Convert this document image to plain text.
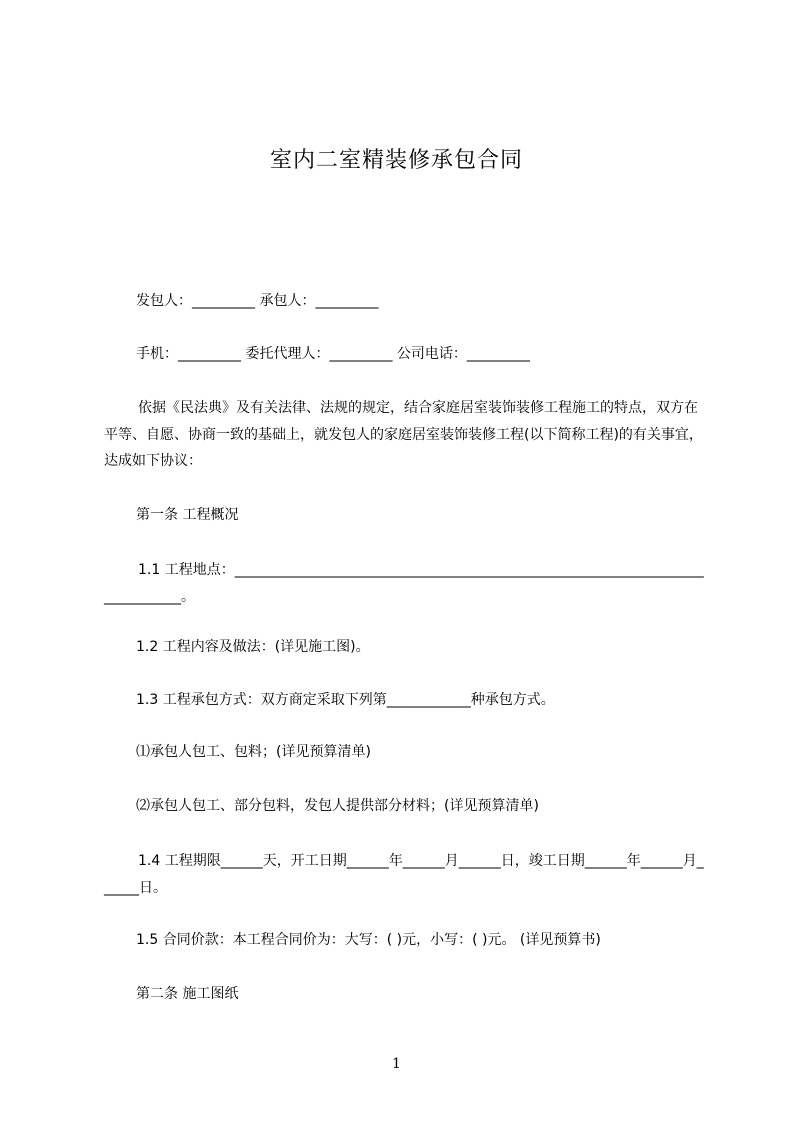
室内二室精装修承包合同
发包人：_________ 承包人：_________
手机：_________ 委托代理人：_________ 公司电话：_________
依据《民法典》及有关法律、法规的规定，结合家庭居室装饰装修工程施工的特点，双方在平等、自愿、协商一致的基础上，就发包人的家庭居室装饰装修工程(以下简称工程)的有关事宜，达成如下协议：
第一条 工程概况
1.1 工程地点：______________________________________________________________________________。
1.2 工程内容及做法：(详见施工图)。
1.3 工程承包方式：双方商定采取下列第____________种承包方式。
⑴承包人包工、包料；(详见预算清单)
⑵承包人包工、部分包料，发包人提供部分材料；(详见预算清单)
1.4 工程期限______天，开工日期______年______月______日，竣工日期______年______月______日。
1.5 合同价款：本工程合同价为：大写：( )元，小写：( )元。 (详见预算书)
第二条 施工图纸
1
